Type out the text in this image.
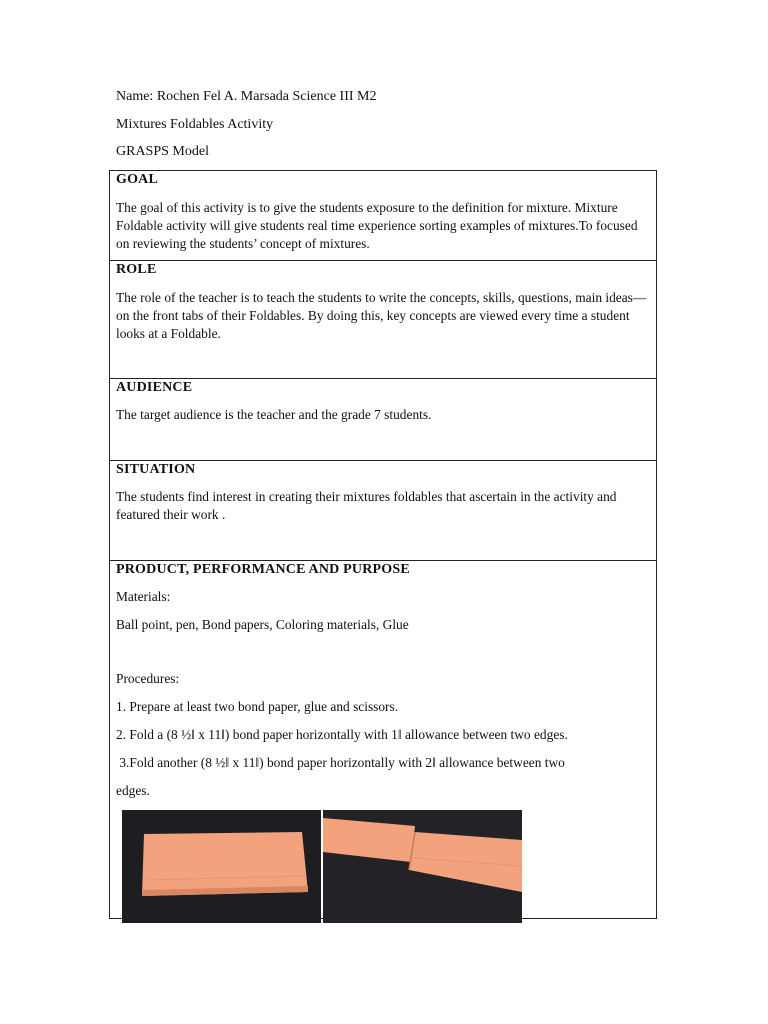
Name: Rochen Fel A. Marsada Science III M2
Mixtures Foldables Activity
GRASPS Model
GOAL
The goal of this activity is to give the students exposure to the definition for mixture. Mixture Foldable activity will give students real time experience sorting examples of mixtures.To focused on reviewing the students’ concept of mixtures.
ROLE
The role of the teacher is to teach the students to write the concepts, skills, questions, main ideas—on the front tabs of their Foldables. By doing this, key concepts are viewed every time a student looks at a Foldable.
AUDIENCE
The target audience is the teacher and the grade 7 students.
SITUATION
The students find interest in creating their mixtures foldables that ascertain in the activity and featured their work .
PRODUCT, PERFORMANCE AND PURPOSE
Materials:
Ball point, pen, Bond papers, Coloring materials, Glue
Procedures:
1. Prepare at least two bond paper, glue and scissors.
2. Fold a (8 ½‖ x 11‖) bond paper horizontally with 1‖ allowance between two edges.
3.Fold another (8 ½‖ x 11‖) bond paper horizontally with 2‖ allowance between two
edges.
